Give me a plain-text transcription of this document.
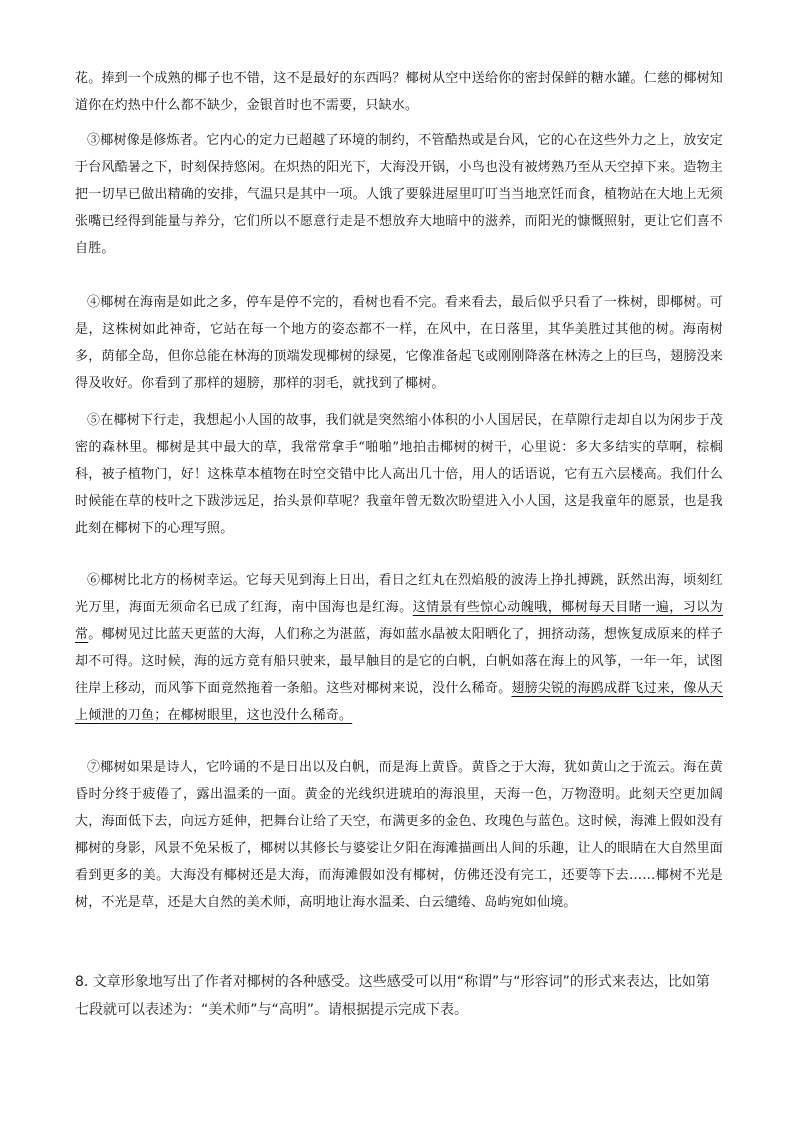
花。捧到一个成熟的椰子也不错，这不是最好的东西吗？椰树从空中送给你的密封保鲜的糖水罐。仁慈的椰树知道你在灼热中什么都不缺少，金银首时也不需要，只缺水。

③椰树像是修炼者。它内心的定力已超越了环境的制约，不管酷热或是台风，它的心在这些外力之上，放安定于台风酷暑之下，时刻保持悠闲。在炽热的阳光下，大海没开锅，小鸟也没有被烤熟乃至从天空掉下来。造物主把一切早已做出精确的安排，气温只是其中一项。人饿了要躲进屋里叮叮当当地烹饪而食，植物站在大地上无须张嘴已经得到能量与养分，它们所以不愿意行走是不想放弃大地暗中的滋养，而阳光的慷慨照射，更让它们喜不自胜。

④椰树在海南是如此之多，停车是停不完的，看树也看不完。看来看去，最后似乎只看了一株树，即椰树。可是，这株树如此神奇，它站在每一个地方的姿态都不一样，在风中，在日落里，其华美胜过其他的树。海南树多，荫郁全岛，但你总能在林海的顶端发现椰树的绿冕，它像准备起飞或刚刚降落在林涛之上的巨鸟，翅膀没来得及收好。你看到了那样的翅膀，那样的羽毛，就找到了椰树。

⑤在椰树下行走，我想起小人国的故事，我们就是突然缩小体积的小人国居民，在草隙行走却自以为闲步于茂密的森林里。椰树是其中最大的草，我常常拿手“啪啪”地拍击椰树的树干，心里说：多大多结实的草啊，棕榈科，被子植物门，好！这株草本植物在时空交错中比人高出几十倍，用人的话语说，它有五六层楼高。我们什么时候能在草的枝叶之下跋涉远足，抬头景仰草呢？我童年曾无数次盼望进入小人国，这是我童年的愿景，也是我此刻在椰树下的心理写照。

⑥椰树比北方的杨树幸运。它每天见到海上日出，看日之红丸在烈焰般的波涛上挣扎搏跳，跃然出海，顷刻红光万里，海面无须命名已成了红海，南中国海也是红海。这情景有些惊心动魄哦，椰树每天目睹一遍，习以为常。椰树见过比蓝天更蓝的大海，人们称之为湛蓝，海如蓝水晶被太阳晒化了，拥挤动荡，想恢复成原来的样子却不可得。这时候，海的远方竟有船只驶来，最早触目的是它的白帆，白帆如落在海上的风筝，一年一年，试图往岸上移动，而风筝下面竟然拖着一条船。这些对椰树来说，没什么稀奇。翅膀尖锐的海鸥成群飞过来，像从天上倾泄的刀鱼；在椰树眼里，这也没什么稀奇。

⑦椰树如果是诗人，它吟诵的不是日出以及白帆，而是海上黄昏。黄昏之于大海，犹如黄山之于流云。海在黄昏时分终于疲倦了，露出温柔的一面。黄金的光线织进琥珀的海浪里，天海一色，万物澄明。此刻天空更加阔大，海面低下去，向远方延伸，把舞台让给了天空，布满更多的金色、玫瑰色与蓝色。这时候，海滩上假如没有椰树的身影，风景不免呆板了，椰树以其修长与婆娑让夕阳在海滩描画出人间的乐趣，让人的眼睛在大自然里面看到更多的美。大海没有椰树还是大海，而海滩假如没有椰树，仿佛还没有完工，还要等下去……椰树不光是树，不光是草，还是大自然的美术师，高明地让海水温柔、白云缱绻、岛屿宛如仙境。

8. 文章形象地写出了作者对椰树的各种感受。这些感受可以用“称谓”与“形容词”的形式来表达，比如第七段就可以表述为：“美术师”与“高明”。请根据提示完成下表。
